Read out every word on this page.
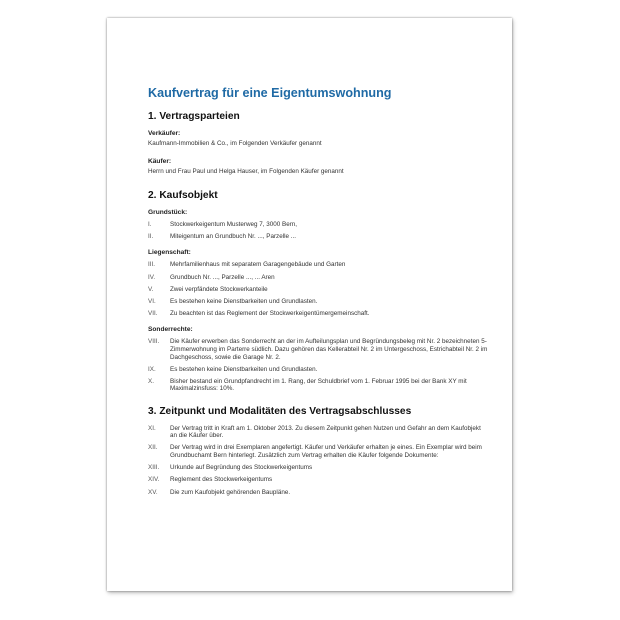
Kaufvertrag für eine Eigentumswohnung
1. Vertragsparteien
Verkäufer:
Kaufmann-Immobilien & Co., im Folgenden Verkäufer genannt
Käufer:
Herrn und Frau Paul und Helga Hauser, im Folgenden Käufer genannt
2. Kaufsobjekt
Grundstück:
I.	Stockwerkeigentum Musterweg 7, 3000 Bern,
II.	Miteigentum an Grundbuch Nr. ..., Parzelle ...
Liegenschaft:
III.	Mehrfamilienhaus mit separatem Garagengebäude und Garten
IV.	Grundbuch Nr. ..., Parzelle ..., ... Aren
V.	Zwei verpfändete Stockwerkanteile
VI.	Es bestehen keine Dienstbarkeiten und Grundlasten.
VII.	Zu beachten ist das Reglement der Stockwerkeigentümergemeinschaft.
Sonderrechte:
VIII.	Die Käufer erwerben das Sonderrecht an der im Aufteilungsplan und Begründungsbeleg mit Nr. 2 bezeichneten 5-Zimmerwohnung im Parterre südlich. Dazu gehören das Kellerabteil Nr. 2 im Untergeschoss, Estrichabteil Nr. 2 im Dachgeschoss, sowie die Garage Nr. 2.
IX.	Es bestehen keine Dienstbarkeiten und Grundlasten.
X.	Bisher bestand ein Grundpfandrecht im 1. Rang, der Schuldbrief vom 1. Februar 1995 bei der Bank XY mit Maximalzinsfuss: 10%.
3. Zeitpunkt und Modalitäten des Vertragsabschlusses
XI.	Der Vertrag tritt in Kraft am 1. Oktober 2013. Zu diesem Zeitpunkt gehen Nutzen und Gefahr an dem Kaufobjekt an die Käufer über.
XII.	Der Vertrag wird in drei Exemplaren angefertigt. Käufer und Verkäufer erhalten je eines. Ein Exemplar wird beim Grundbuchamt Bern hinterlegt. Zusätzlich zum Vertrag erhalten die Käufer folgende Dokumente:
XIII.	Urkunde auf Begründung des Stockwerkeigentums
XIV.	Reglement des Stockwerkeigentums
XV.	Die zum Kaufobjekt gehörenden Baupläne.
